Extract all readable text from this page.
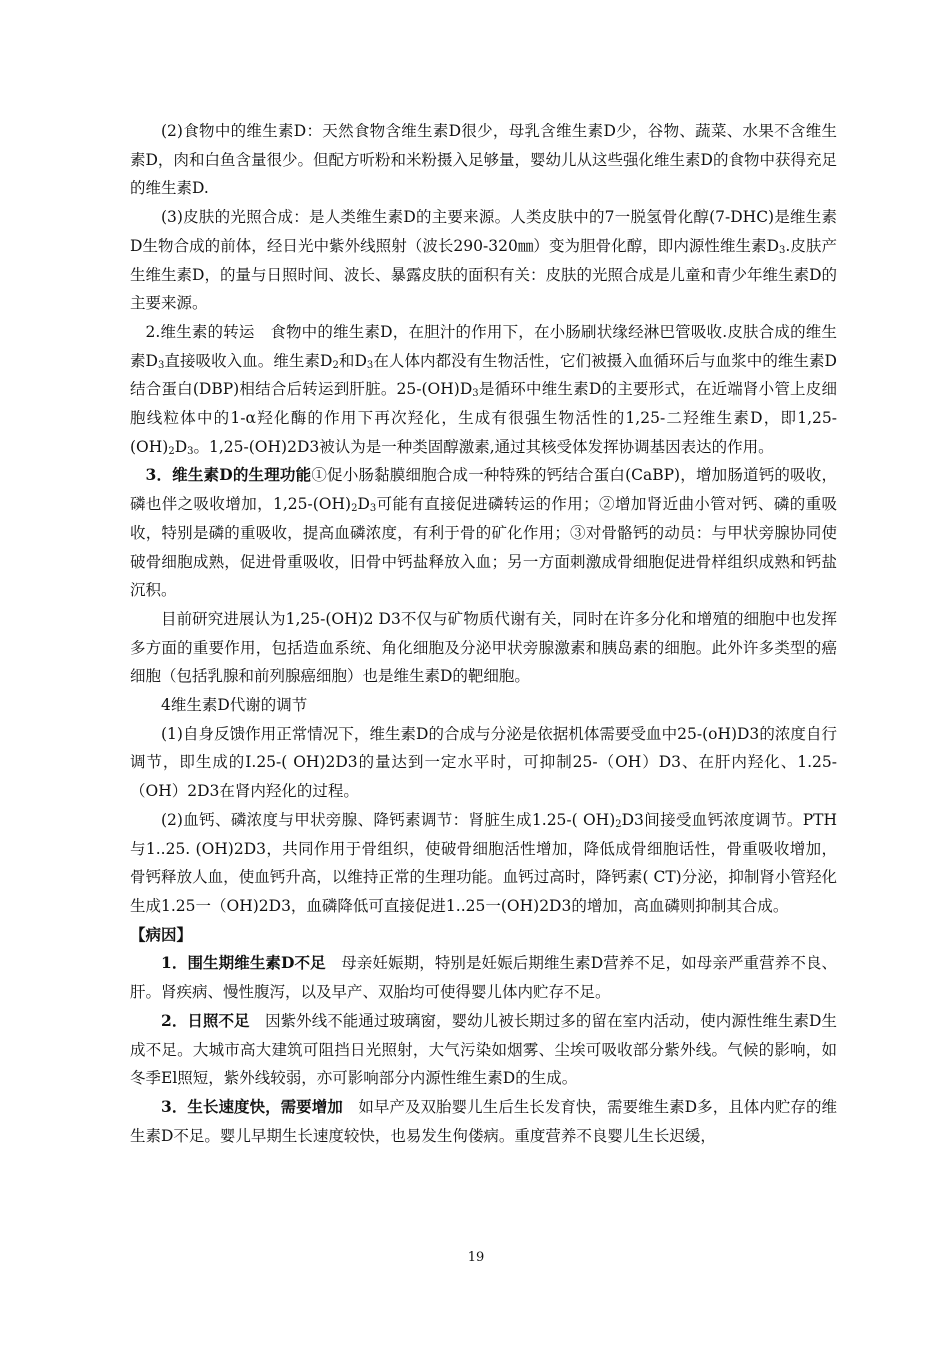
(2)食物中的维生素D：天然食物含维生素D很少，母乳含维生素D少，谷物、蔬菜、水果不含维生素D，肉和白鱼含量很少。但配方听粉和米粉摄入足够量，婴幼儿从这些强化维生素D的食物中获得充足的维生素D.

(3)皮肤的光照合成：是人类维生素D的主要来源。人类皮肤中的7一脱氢骨化醇(7-DHC)是维生素D生物合成的前体，经日光中紫外线照射（波长290-320㎜）变为胆骨化醇，即内源性维生素$D_3$.皮肤产生维生素D，的量与日照时间、波长、暴露皮肤的面积有关：皮肤的光照合成是儿童和青少年维生素D的主要来源。

2.维生素的转运　食物中的维生素D，在胆汁的作用下，在小肠刷状缘经淋巴管吸收.皮肤合成的维生素$D_3$直接吸收入血。维生素$D_2$和$D_3$在人体内都没有生物活性，它们被摄入血循环后与血浆中的维生素D结合蛋白(DBP)相结合后转运到肝脏。$25-(OH)D_3$是循环中维生素D的主要形式，在近端肾小管上皮细胞线粒体中的1-α羟化酶的作用下再次羟化，生成有很强生物活性的1,25-二羟维生素D，即$1,25-(OH)_2D_3$。1,25-(OH)2D3被认为是一种类固醇激素,通过其核受体发挥协调基因表达的作用。

3．维生素D的生理功能①促小肠黏膜细胞合成一种特殊的钙结合蛋白(CaBP)，增加肠道钙的吸收，磷也伴之吸收增加，$1,25-(OH)_2D_3$可能有直接促进磷转运的作用；②增加肾近曲小管对钙、磷的重吸收，特别是磷的重吸收，提高血磷浓度，有利于骨的矿化作用；③对骨骼钙的动员：与甲状旁腺协同使破骨细胞成熟，促进骨重吸收，旧骨中钙盐释放入血；另一方面刺激成骨细胞促进骨样组织成熟和钙盐沉积。

目前研究进展认为1,25-(OH)2 D3不仅与矿物质代谢有关，同时在许多分化和增殖的细胞中也发挥多方面的重要作用，包括造血系统、角化细胞及分泌甲状旁腺激素和胰岛素的细胞。此外许多类型的癌细胞（包括乳腺和前列腺癌细胞）也是维生素D的靶细胞。

4维生素D代谢的调节

(1)自身反馈作用正常情况下，维生素D的合成与分泌是依据机体需要受血中25-(oH)D3的浓度自行调节，即生成的I.25-( OH)2D3的量达到一定水平时，可抑制25-（OH）D3、在肝内羟化、1.25-（OH）2D3在肾内羟化的过程。

(2)血钙、磷浓度与甲状旁腺、降钙素调节：肾脏生成1.25-( $OH)_2D3$间接受血钙浓度调节。PTH与1..25. (OH)2D3，共同作用于骨组织，使破骨细胞活性增加，降低成骨细胞话性，骨重吸收增加，骨钙释放人血，使血钙升高，以维持正常的生理功能。血钙过高时，降钙素( CT)分泌，抑制肾小管羟化生成1.25一（OH)2D3，血磷降低可直接促进1..25一(OH)2D3的增加，高血磷则抑制其合成。

【病因】

1．围生期维生素D不足　母亲妊娠期，特别是妊娠后期维生素D营养不足，如母亲严重营养不良、肝。肾疾病、慢性腹泻，以及早产、双胎均可使得婴儿体内贮存不足。

2．日照不足　因紫外线不能通过玻璃窗，婴幼儿被长期过多的留在室内活动，使内源性维生素D生成不足。大城市高大建筑可阻挡日光照射，大气污染如烟雾、尘埃可吸收部分紫外线。气候的影响，如冬季El照短，紫外线较弱，亦可影响部分内源性维生素D的生成。

3．生长速度快，需要增加　如早产及双胎婴儿生后生长发育快，需要维生素D多，且体内贮存的维生素D不足。婴儿早期生长速度较快，也易发生佝偻病。重度营养不良婴儿生长迟缓，

19
